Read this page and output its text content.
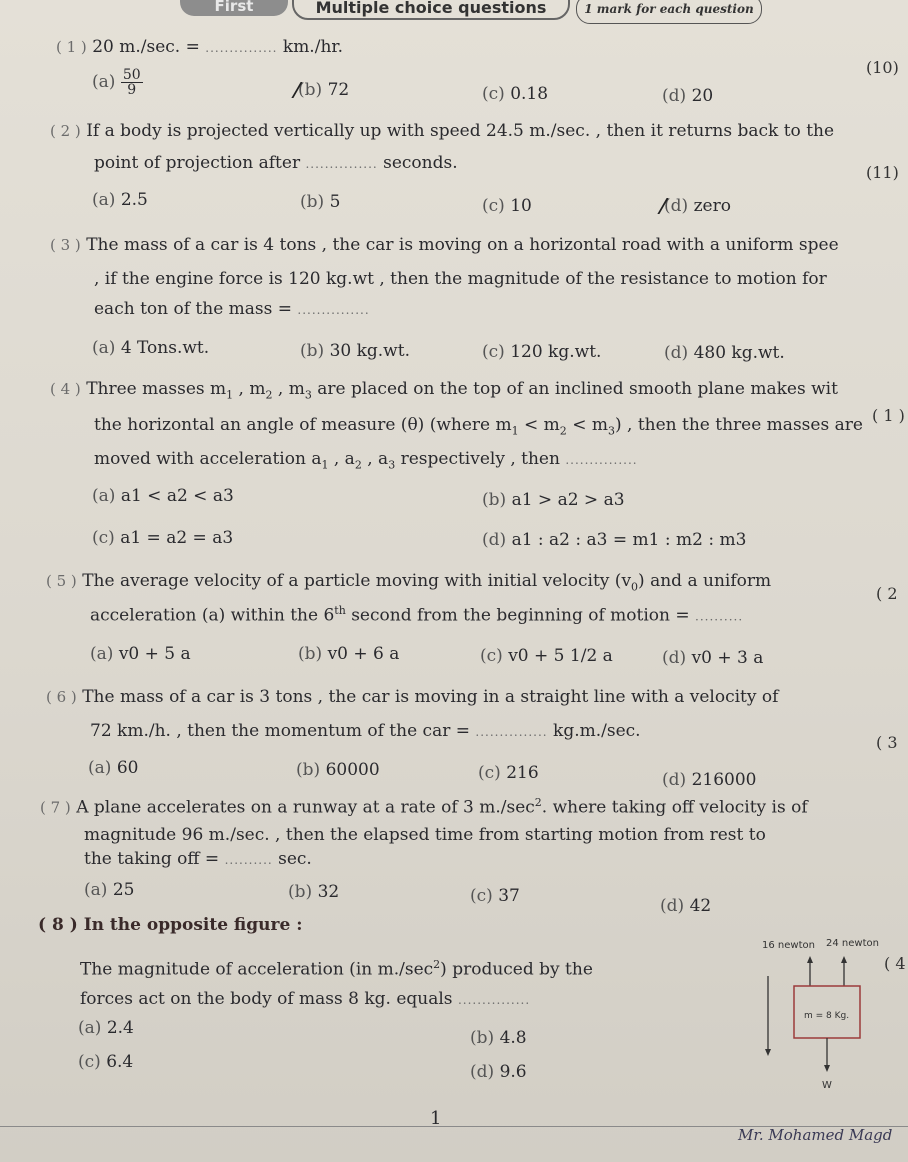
First	Multiple choice questions	1 mark for each question
(10)
(11)
( 1 )
( 2
( 3
( 4
( 1 ) 20 m./sec. = ............... km./hr.
$(a) \frac{50}{9}$	(b) 72	(c) 0.18	(d) 20
( 2 ) If a body is projected vertically up with speed 24.5 m./sec. , then it returns back to the
point of projection after ............... seconds.
(a) 2.5	(b) 5	(c) 10	(d) zero
( 3 ) The mass of a car is 4 tons , the car is moving on a horizontal road with a uniform spee
, if the engine force is 120 kg.wt , then the magnitude of the resistance to motion for
each ton of the mass = ...............
(a) 4 Tons.wt.	(b) 30 kg.wt.	(c) 120 kg.wt.	(d) 480 kg.wt.
( 4 ) Three masses $m_1$ , $m_2$ , $m_3$ are placed on the top of an inclined smooth plane makes wit
the horizontal an angle of measure (θ) (where $m_1 < m_2 < m_3$) , then the three masses are
moved with acceleration $a_1$ , $a_2$ , $a_3$ respectively , then ...............
(a) a1 < a2 < a3	(b) a1 > a2 > a3
(c) a1 = a2 = a3	(d) a1 : a2 : a3 = m1 : m2 : m3
( 5 ) The average velocity of a particle moving with initial velocity $(v_0)$ and a uniform
acceleration (a) within the 6th second from the beginning of motion = ..........
(a) v0 + 5 a	(b) v0 + 6 a	(c) v0 + 5 1/2 a	(d) v0 + 3 a
( 6 ) The mass of a car is 3 tons , the car is moving in a straight line with a velocity of
72 km./h. , then the momentum of the car = ............... kg.m./sec.
(a) 60	(b) 60000	(c) 216	(d) 216000
( 7 ) A plane accelerates on a runway at a rate of 3 $m./\sec^2$. where taking off velocity is of
magnitude 96 m./sec. , then the elapsed time from starting motion from rest to
the taking off = .......... sec.
(a) 25	(b) 32	(c) 37	(d) 42
( 8 ) In the opposite figure :
The magnitude of acceleration (in $m./\sec^2$) produced by the
forces act on the body of mass 8 kg. equals ...............
(a) 2.4	(b) 4.8
(c) 6.4	(d) 9.6
16 newton 24 newton
m = 8 Kg.
W
1
Mr. Mohamed Magd
